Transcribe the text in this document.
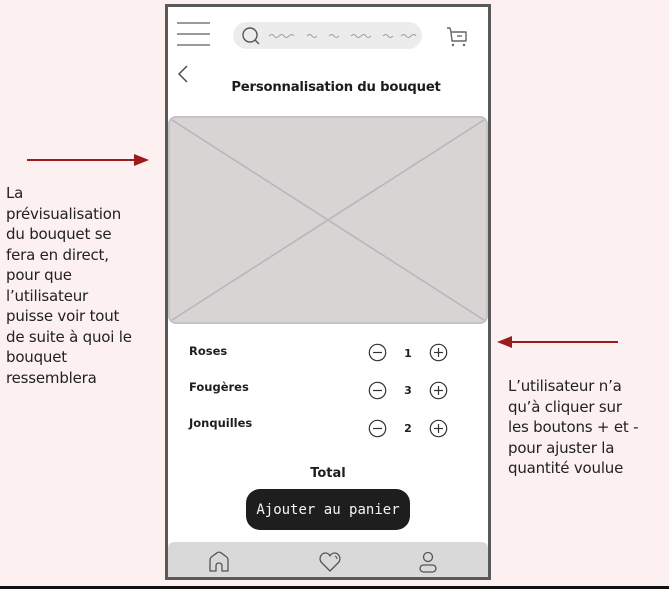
La
prévisualisation
du bouquet se
fera en direct,
pour que
l’utilisateur
puisse voir tout
de suite à quoi le
bouquet
ressemblera	L’utilisateur n’a
qu’à cliquer sur
les boutons + et -
pour ajuster la
quantité voulue
Personnalisation du bouquet
Roses	1
Fougères	3
Jonquilles	2
Total
Ajouter au panier
